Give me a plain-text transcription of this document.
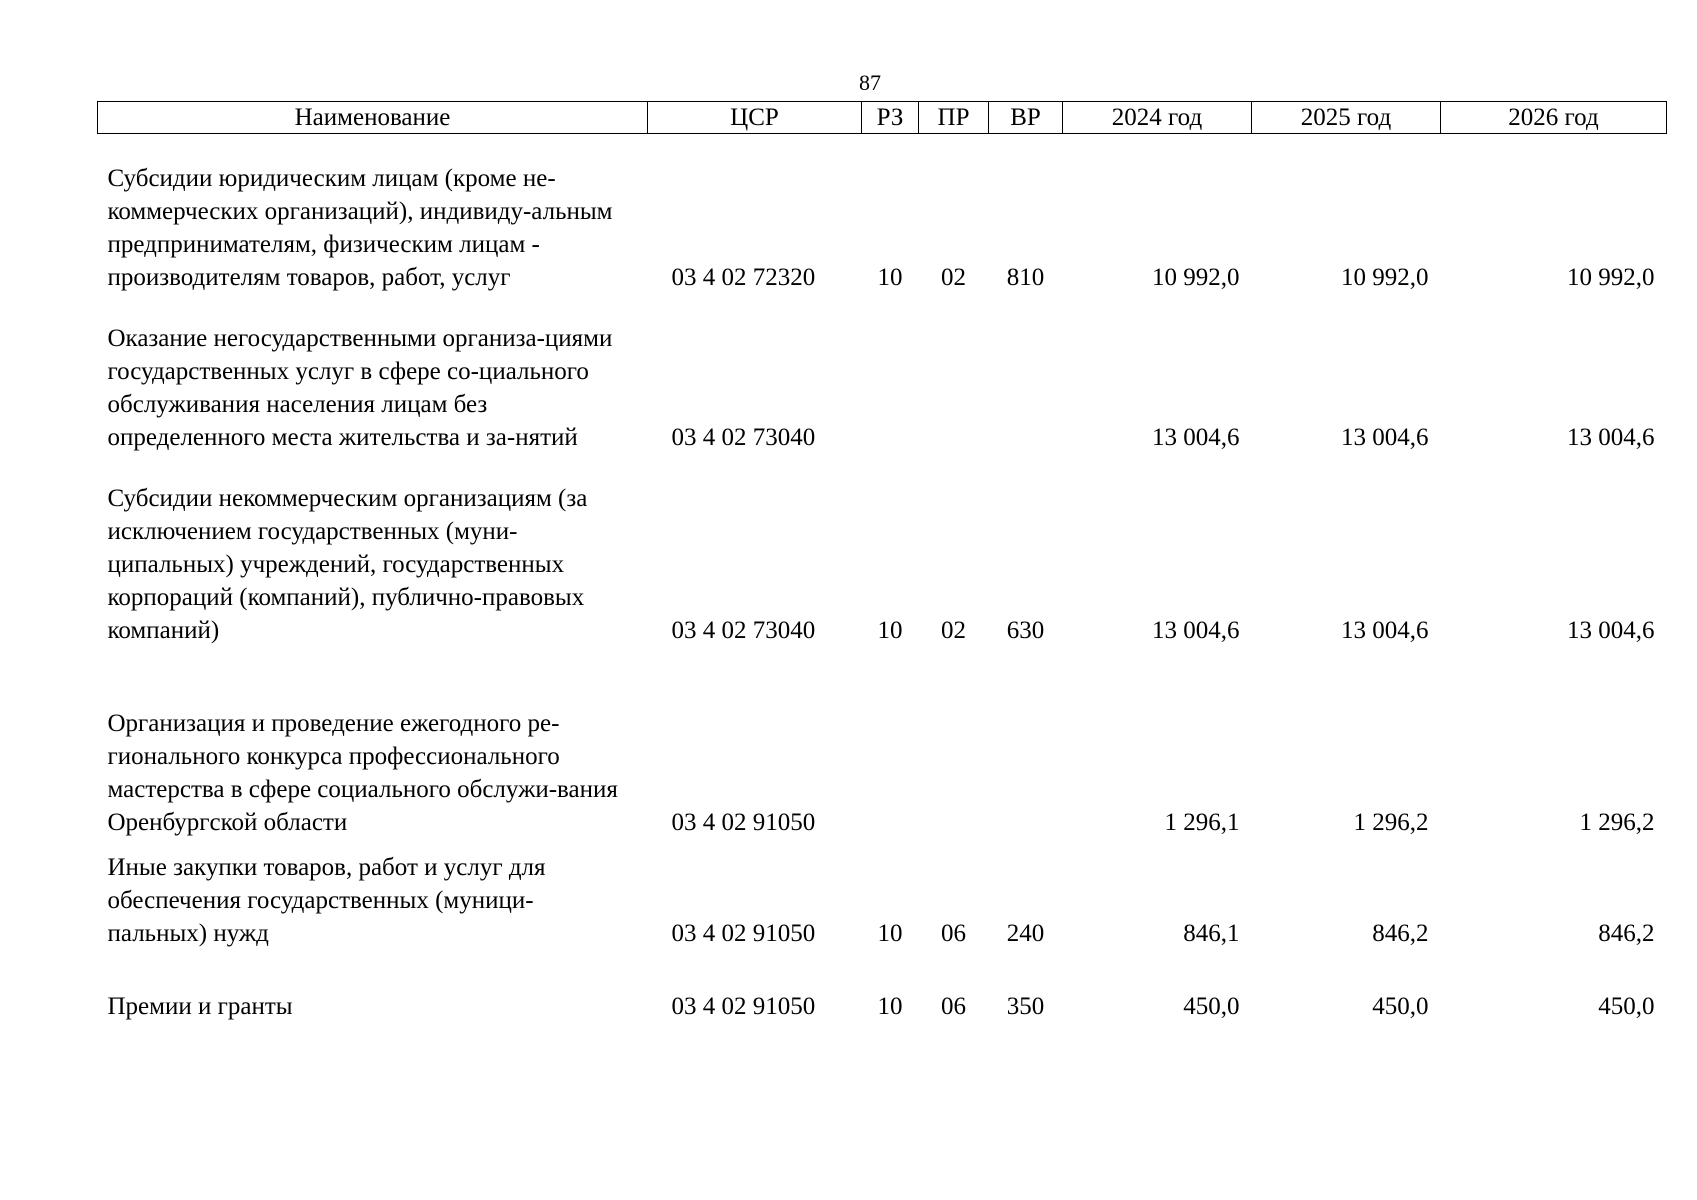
87
Наименование	ЦСР	РЗ	ПР	ВР	2024 год	2025 год	2026 год

Субсидии юридическим лицам (кроме не-коммерческих организаций), индивиду-альным предпринимателям, физическим лицам - производителям товаров, работ, услуг	03 4 02 72320	10	02	810	10 992,0	10 992,0	10 992,0

Оказание негосударственными организа-циями государственных услуг в сфере со-циального обслуживания населения лицам без определенного места жительства и за-нятий	03 4 02 73040				13 004,6	13 004,6	13 004,6

Субсидии некоммерческим организациям (за исключением государственных (муни-ципальных) учреждений, государственных корпораций (компаний), публично-правовых компаний)	03 4 02 73040	10	02	630	13 004,6	13 004,6	13 004,6

Организация и проведение ежегодного ре-гионального конкурса профессионального мастерства в сфере социального обслужи-вания Оренбургской области	03 4 02 91050				1 296,1	1 296,2	1 296,2

Иные закупки товаров, работ и услуг для обеспечения государственных (муници-пальных) нужд	03 4 02 91050	10	06	240	846,1	846,2	846,2

Премии и гранты	03 4 02 91050	10	06	350	450,0	450,0	450,0
